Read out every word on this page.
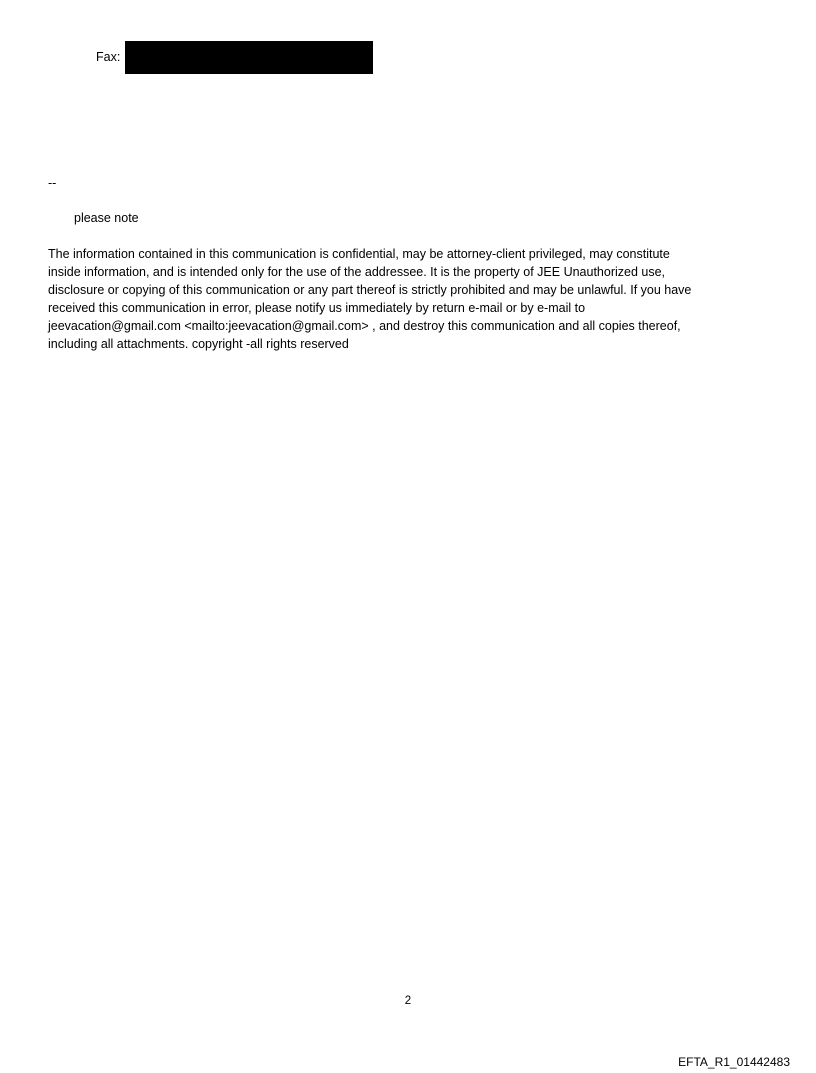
Fax:
--
please note
The information contained in this communication is confidential, may be attorney-client privileged, may constitute
inside information, and is intended only for the use of the addressee. It is the property of JEE Unauthorized use,
disclosure or copying of this communication or any part thereof is strictly prohibited and may be unlawful. If you have
received this communication in error, please notify us immediately by return e-mail or by e-mail to
jeevacation@gmail.com <mailto:jeevacation@gmail.com> , and destroy this communication and all copies thereof,
including all attachments. copyright -all rights reserved
2
EFTA_R1_01442483
